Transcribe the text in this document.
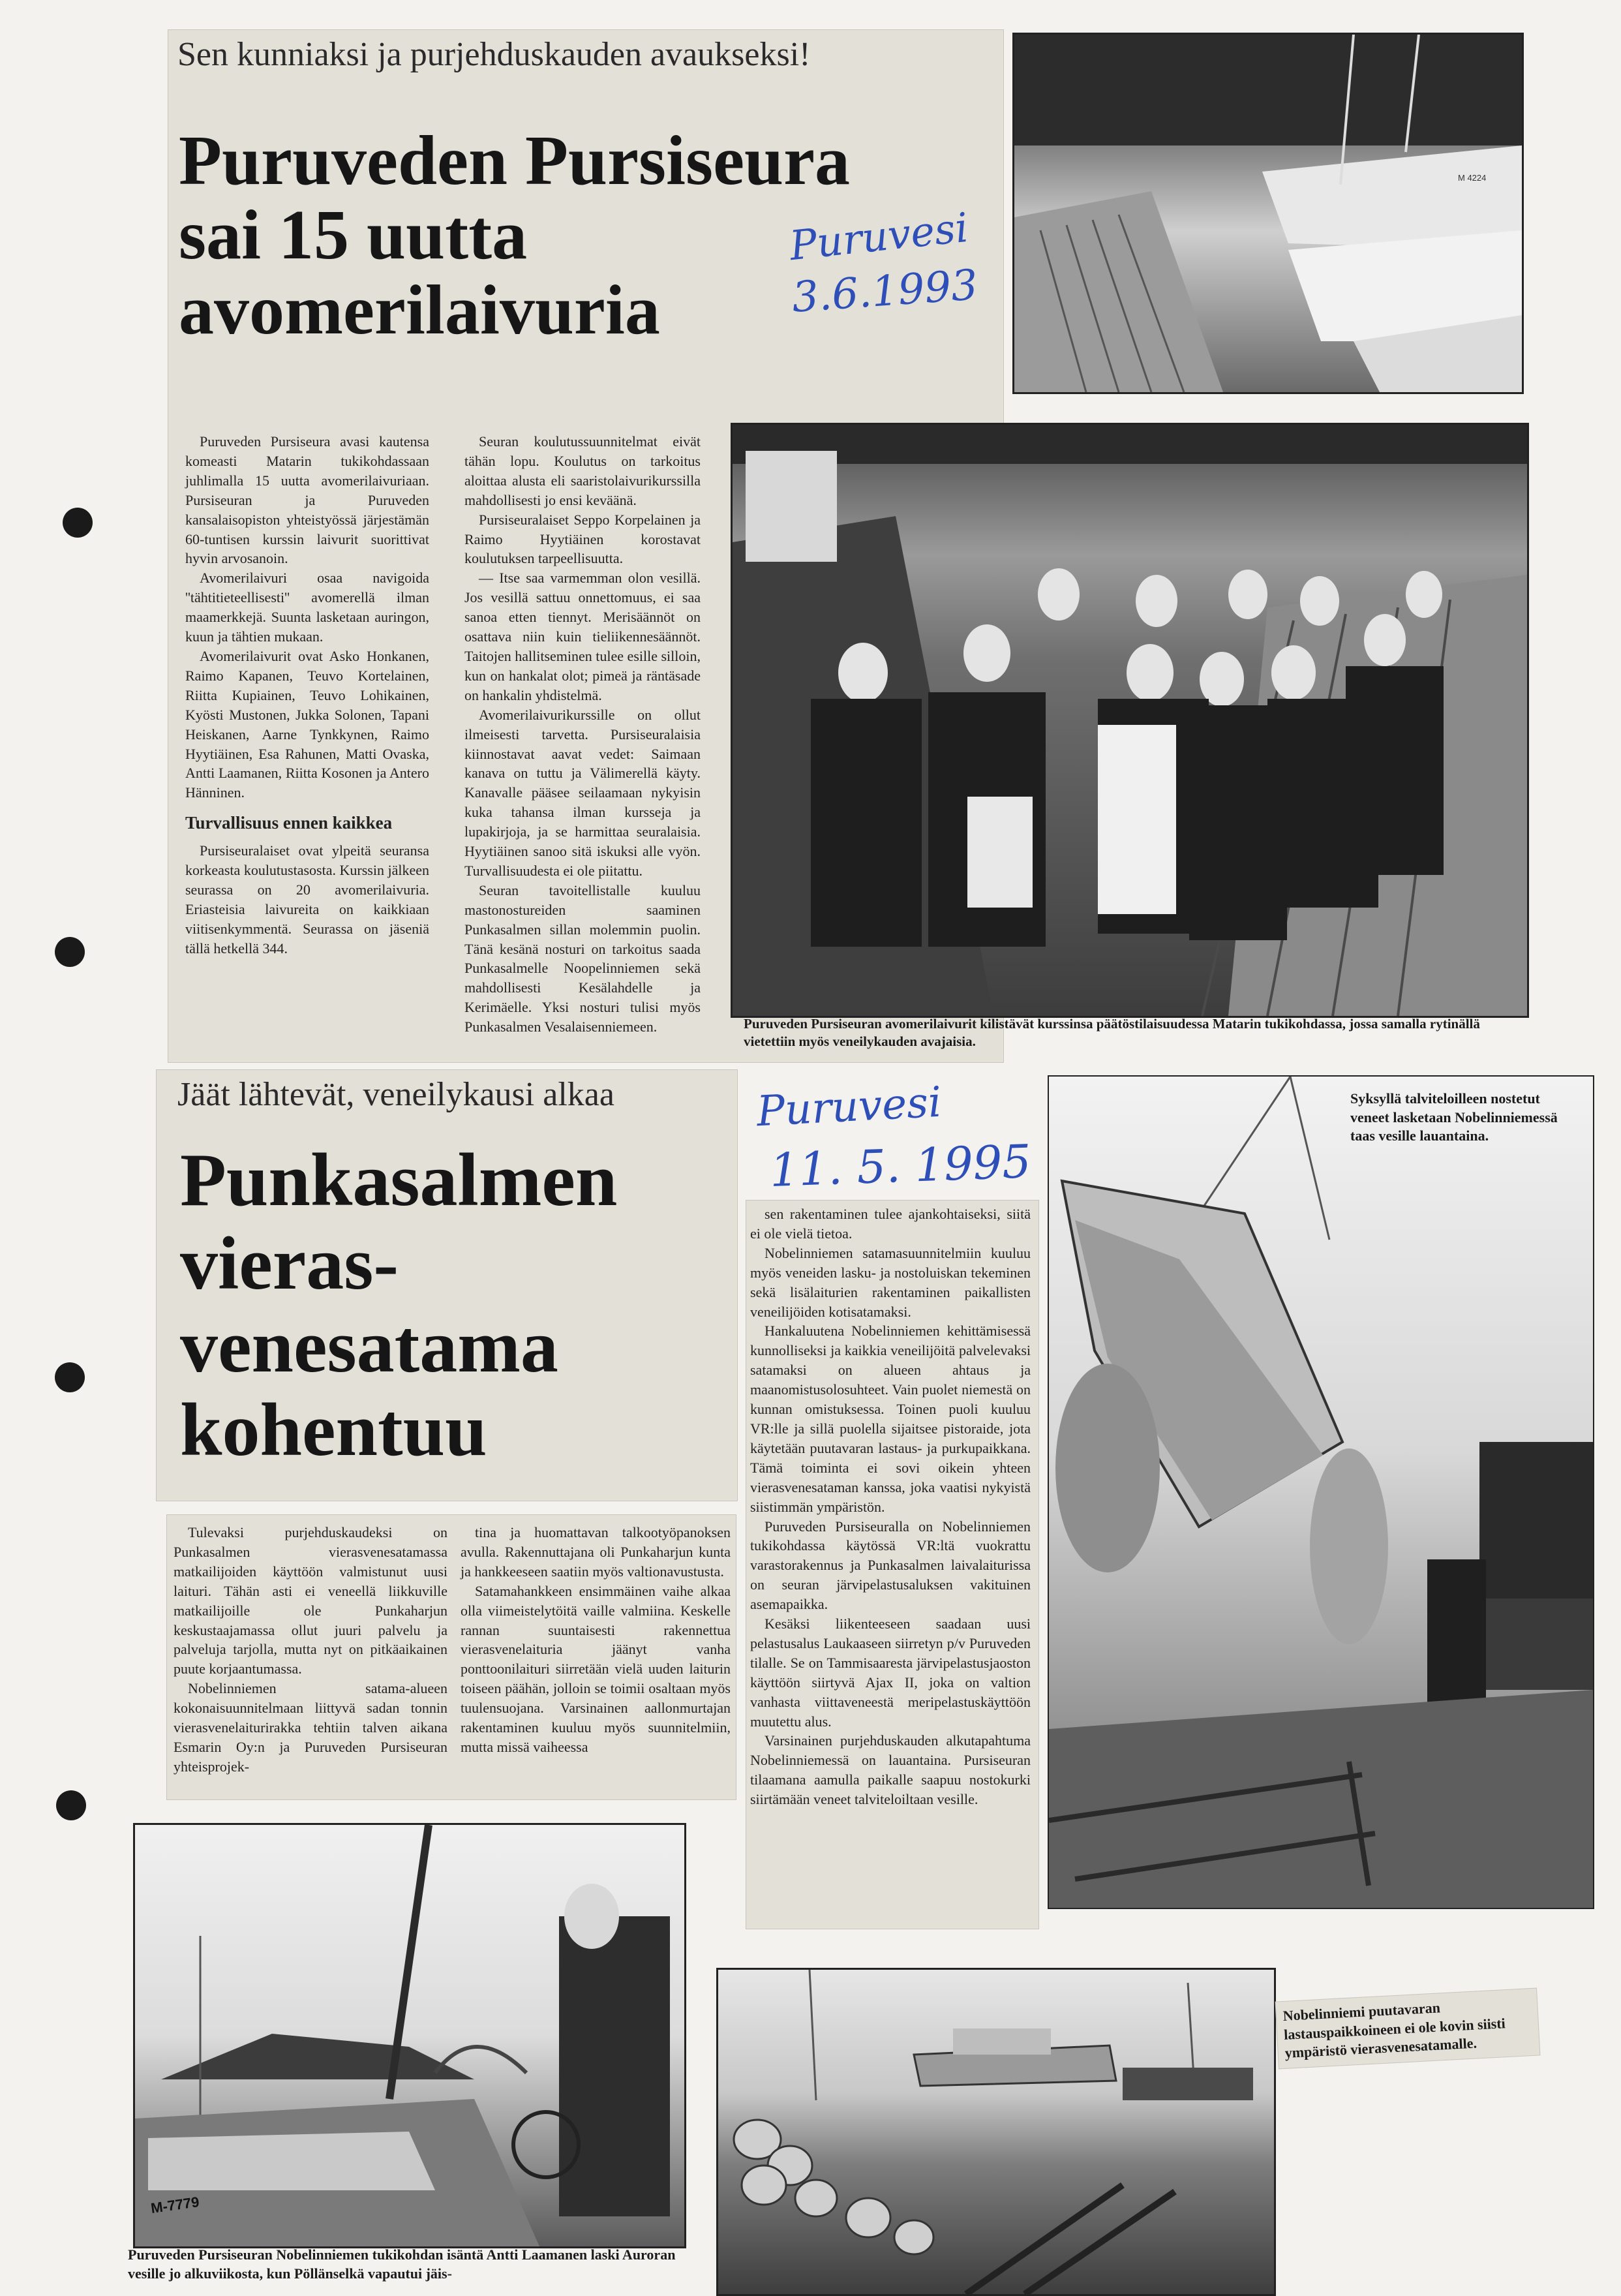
Sen kunniaksi ja purjehduskauden avaukseksi!
Puruveden Pursiseura
sai 15 uutta
avomerilaivuria
Puruvesi
3.6.1993
M 4224

Puruveden Pursiseura avasi kautensa komeasti Matarin tukikohdassaan juhlimalla 15 uutta avomerilaivuriaan. Pursiseuran ja Puruveden kansalaisopiston yhteistyössä järjestämän 60-tuntisen kurssin laivurit suorittivat hyvin arvosanoin.

Avomerilaivuri osaa navigoida ''tähtitieteellisesti'' avomerellä ilman maamerkkejä. Suunta lasketaan auringon, kuun ja tähtien mukaan.

Avomerilaivurit ovat Asko Honkanen, Raimo Kapanen, Teuvo Kortelainen, Riitta Kupiainen, Teuvo Lohikainen, Kyösti Mustonen, Jukka Solonen, Tapani Heiskanen, Aarne Tynkkynen, Raimo Hyytiäinen, Esa Rahunen, Matti Ovaska, Antti Laamanen, Riitta Kosonen ja Antero Hänninen.

Turvallisuus ennen kaikkea

Pursiseuralaiset ovat ylpeitä seuransa korkeasta koulutustasosta. Kurssin jälkeen seurassa on 20 avomerilaivuria. Eriasteisia laivureita on kaikkiaan viitisenkymmentä. Seurassa on jäseniä tällä hetkellä 344.

Seuran koulutussuunnitelmat eivät tähän lopu. Koulutus on tarkoitus aloittaa alusta eli saaristolaivurikurssilla mahdollisesti jo ensi keväänä.

Pursiseuralaiset Seppo Korpelainen ja Raimo Hyytiäinen korostavat koulutuksen tarpeellisuutta.

— Itse saa varmemman olon vesillä. Jos vesillä sattuu onnettomuus, ei saa sanoa etten tiennyt. Merisäännöt on osattava niin kuin tieliikennesäännöt. Taitojen hallitseminen tulee esille silloin, kun on hankalat olot; pimeä ja räntäsade on hankalin yhdistelmä.

Avomerilaivurikurssille on ollut ilmeisesti tarvetta. Pursiseuralaisia kiinnostavat aavat vedet: Saimaan kanava on tuttu ja Välimerellä käyty. Kanavalle pääsee seilaamaan nykyisin kuka tahansa ilman kursseja ja lupakirjoja, ja se harmittaa seuralaisia. Hyytiäinen sanoo sitä iskuksi alle vyön. Turvallisuudesta ei ole piitattu.

Seuran tavoitellistalle kuuluu mastonostureiden saaminen Punkasalmen sillan molemmin puolin. Tänä kesänä nosturi on tarkoitus saada Punkasalmelle Noopelinniemen sekä mahdollisesti Kesälahdelle ja Kerimäelle. Yksi nosturi tulisi myös Punkasalmen Vesalaisenniemeen.	Puruveden Pursiseuran avomerilaivurit kilistävät kurssinsa päätöstilaisuudessa Matarin tukikohdassa, jossa samalla rytinällä vietettiin myös veneilykauden avajaisia.
Jäät lähtevät, veneilykausi alkaa
Punkasalmen
vieras-
venesatama
kohentuu
Puruvesi
11. 5. 1995

Tulevaksi purjehduskaudeksi on Punkasalmen vierasvenesatamassa matkailijoiden käyttöön valmistunut uusi laituri. Tähän asti ei veneellä liikkuville matkailijoille ole Punkaharjun keskustaajamassa ollut juuri palvelu ja palveluja tarjolla, mutta nyt on pitkäaikainen puute korjaantumassa.

Nobelinniemen satama-alueen kokonaisuunnitelmaan liittyvä sadan tonnin vierasvenelaiturirakka tehtiin talven aikana Esmarin Oy:n ja Puruveden Pursiseuran yhteisprojek-

tina ja huomattavan talkootyöpanoksen avulla. Rakennuttajana oli Punkaharjun kunta ja hankkeeseen saatiin myös valtionavustusta.

Satamahankkeen ensimmäinen vaihe alkaa olla viimeistelytöitä vaille valmiina. Keskelle rannan suuntaisesti rakennettua vierasvenelaituria jäänyt vanha ponttoonilaituri siirretään vielä uuden laiturin toiseen päähän, jolloin se toimii osaltaan myös tuulensuojana. Varsinainen aallonmurtajan rakentaminen kuuluu myös suunnitelmiin, mutta missä vaiheessa

sen rakentaminen tulee ajankohtaiseksi, siitä ei ole vielä tietoa.

Nobelinniemen satamasuunnitelmiin kuuluu myös veneiden lasku- ja nostoluiskan tekeminen sekä lisälaiturien rakentaminen paikallisten veneilijöiden kotisatamaksi.

Hankaluutena Nobelinniemen kehittämisessä kunnolliseksi ja kaikkia veneilijöitä palvelevaksi satamaksi on alueen ahtaus ja maanomistusolosuhteet. Vain puolet niemestä on kunnan omistuksessa. Toinen puoli kuuluu VR:lle ja sillä puolella sijaitsee pistoraide, jota käytetään puutavaran lastaus- ja purkupaikkana. Tämä toiminta ei sovi oikein yhteen vierasvenesataman kanssa, joka vaatisi nykyistä siistimmän ympäristön.

Puruveden Pursiseuralla on Nobelinniemen tukikohdassa käytössä VR:ltä vuokrattu varastorakennus ja Punkasalmen laivalaiturissa on seuran järvipelastusaluksen vakituinen asemapaikka.

Kesäksi liikenteeseen saadaan uusi pelastusalus Laukaaseen siirretyn p/v Puruveden tilalle. Se on Tammisaaresta järvipelastusjaoston käyttöön siirtyvä Ajax II, joka on valtion vanhasta viittaveneestä meripelastuskäyttöön muutettu alus.

Varsinainen purjehduskauden alkutapahtuma Nobelinniemessä on lauantaina. Pursiseuran tilaamana aamulla paikalle saapuu nostokurki siirtämään veneet talviteloiltaan vesille.

Syksyllä talviteloilleen nostetut veneet lasketaan Nobelinniemessä taas vesille lauantaina.
M-7779
Puruveden Pursiseuran Nobelinniemen tukikohdan isäntä Antti Laamanen laski Auroran vesille jo alkuviikosta, kun Pöllänselkä vapautui jäis-
Nobelinniemi puutavaran lastauspaikkoineen ei ole kovin siisti ympäristö vierasvenesatamalle.
